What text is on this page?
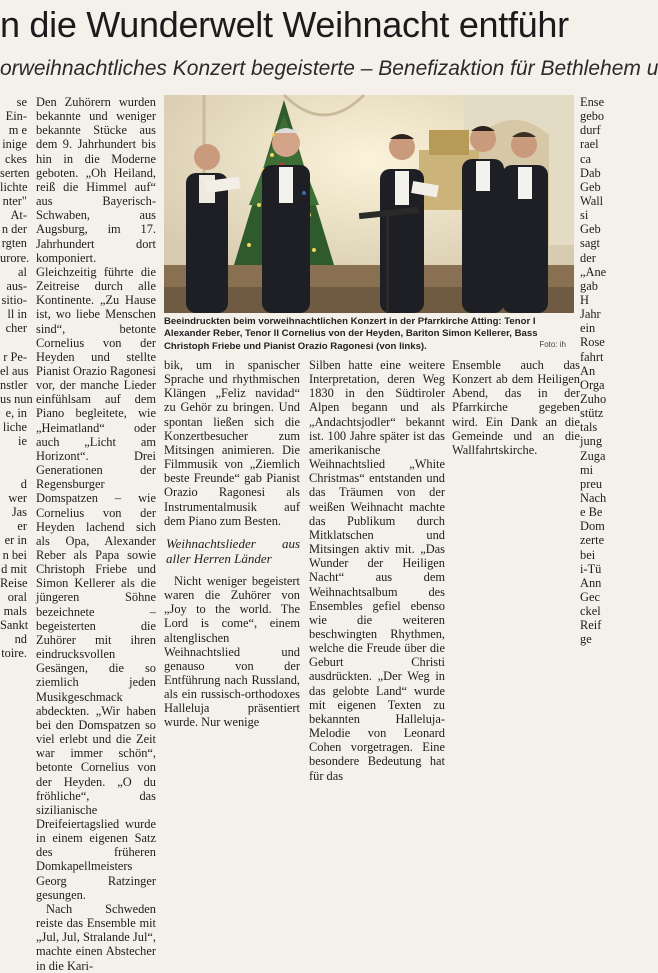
n die Wunderwelt Weihnacht entführ
orweihnachtliches Konzert begeisterte – Benefizaktion für Bethlehem u
se
Ein-
m e
inige
ckes
serten
lichte
nter"
At-
n der
rgten
urore.
al
aus-
sitio-
ll in
cher
r Pe-
el aus
nstler
us nun
e, in
liche
ie
d
wer
Jas
er
er in
n bei
d mit
Reise
oral
mals
Sankt
nd
toire.

Den Zuhörern wurden bekannte und weniger bekannte Stücke aus dem 9. Jahrhundert bis hin in die Moderne geboten. „Oh Heiland, reiß die Himmel auf“ aus Bayerisch-Schwaben, aus Augsburg, im 17. Jahrhundert dort komponiert. Gleichzeitig führte die Zeitreise durch alle Kontinente. „Zu Hause ist, wo liebe Menschen sind“, betonte Cornelius von der Heyden und stellte Pianist Orazio Ragonesi vor, der manche Lieder einfühlsam auf dem Piano begleitete, wie „Heimatland“ oder auch „Licht am Horizont“. Drei Generationen der Regensburger Domspatzen – wie Cornelius von der Heyden lachend sich als Opa, Alexander Reber als Papa sowie Christoph Friebe und Simon Kellerer als die jüngeren Söhne bezeichnete – begeisterten die Zuhörer mit ihren eindrucksvollen Gesängen, die so ziemlich jeden Musikgeschmack abdeckten. „Wir haben bei den Domspatzen so viel erlebt und die Zeit war immer schön“, betonte Cornelius von der Heyden. „O du fröhliche“, das sizilianische Dreifeiertagslied wurde in einem eigenen Satz des früheren Domkapellmeisters Georg Ratzinger gesungen.

Nach Schweden reiste das Ensemble mit „Jul, Jul, Stralande Jul“, machte einen Abstecher in die Kari-

Beeindruckten beim vorweihnachtlichen Konzert in der Pfarrkirche Atting: Tenor I Alexander Reber, Tenor II Cornelius von der Heyden, Bariton Simon Kellerer, Bass Christoph Friebe und Pianist Orazio Ragonesi (von links).	Foto: ih

bik, um in spanischer Sprache und rhythmischen Klängen „Feliz navidad“ zu Gehör zu bringen. Und spontan ließen sich die Konzertbesucher zum Mitsingen animieren. Die Filmmusik von „Ziemlich beste Freunde“ gab Pianist Orazio Ragonesi als Instrumentalmusik auf dem Piano zum Besten.

Weihnachtslieder aus aller Herren Länder

Nicht weniger begeistert waren die Zuhörer von „Joy to the world. The Lord is come“, einem altenglischen Weihnachtslied und genauso von der Entführung nach Russland, als ein russisch-orthodoxes Halleluja präsentiert wurde. Nur wenige

Silben hatte eine weitere Interpretation, deren Weg 1830 in den Südtiroler Alpen begann und als „Andachtsjodler“ bekannt ist. 100 Jahre später ist das amerikanische Weihnachtslied „White Christmas“ entstanden und das Träumen von der weißen Weihnacht machte das Publikum durch Mitklatschen und Mitsingen aktiv mit. „Das Wunder der Heiligen Nacht“ aus dem Weihnachtsalbum des Ensembles gefiel ebenso wie die weiteren beschwingten Rhythmen, welche die Freude über die Geburt Christi ausdrückten. „Der Weg in das gelobte Land“ wurde mit eigenen Texten zu bekannten Halleluja-Melodie von Leonard Cohen vorgetragen. Eine besondere Bedeutung hat für das

Ensemble auch das Konzert ab dem Heiligen Abend, das in der Pfarrkirche gegeben wird. Ein Dank an die Gemeinde und an die Wallfahrtskirche.

Ense
gebo
durf
rael
ca
Dab
Geb
Wall
si
Geb
sagt
der
„Ane
gab
H
Jahr
ein
Rose
fahrt
An
Orga
Zuho
stütz
tals
jung
Zuga
mi
preu
Nach
e Be
Dom
zerte
bei
i-Tü
Ann
Gec
ckel
Reif
ge
